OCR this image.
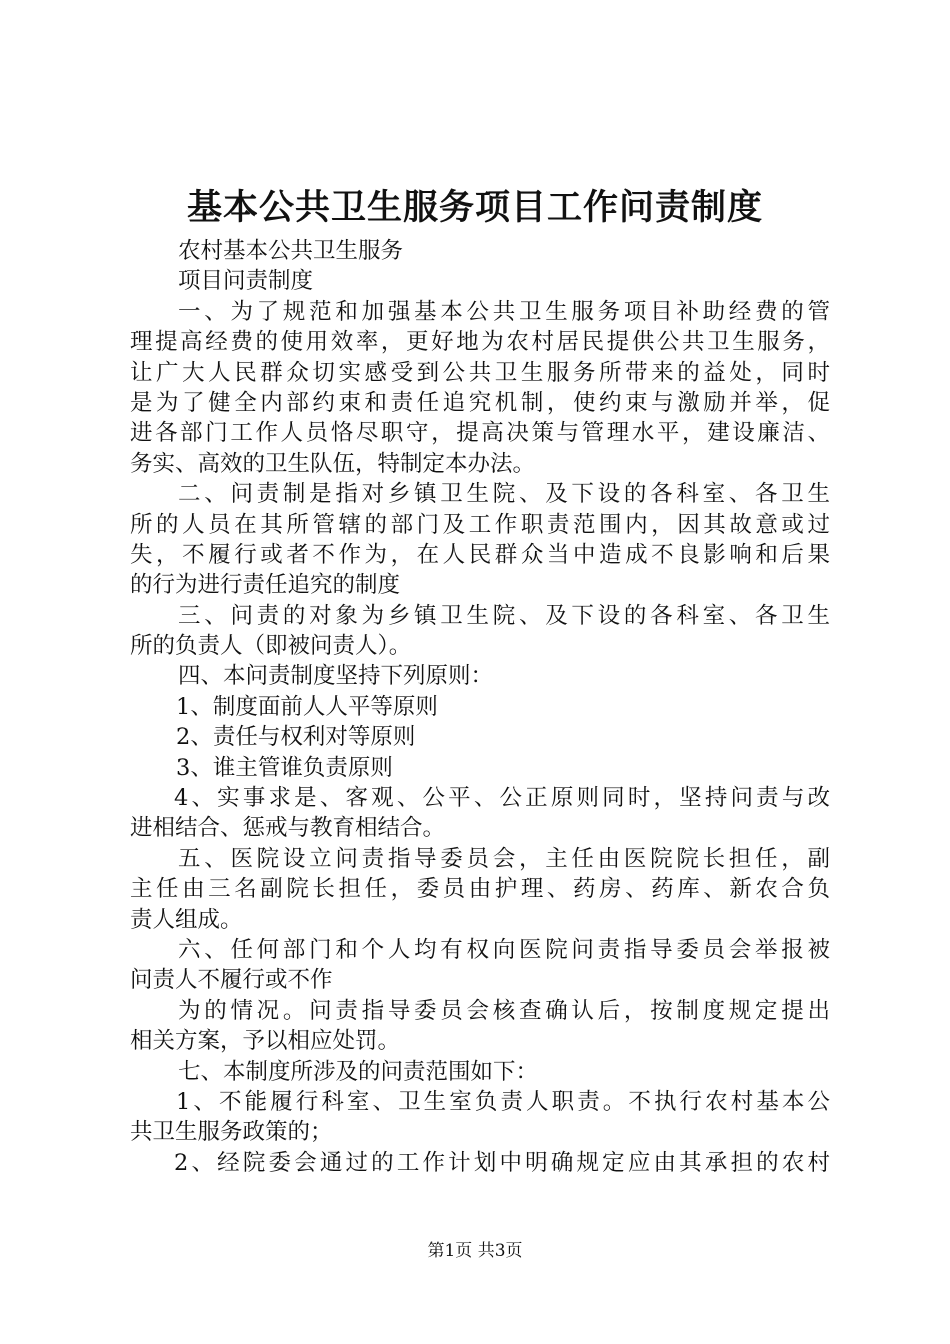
基本公共卫生服务项目工作问责制度
农村基本公共卫生服务
项目问责制度
一、为了规范和加强基本公共卫生服务项目补助经费的管
理提高经费的使用效率，更好地为农村居民提供公共卫生服务，
让广大人民群众切实感受到公共卫生服务所带来的益处，同时
是为了健全内部约束和责任追究机制，使约束与激励并举，促
进各部门工作人员恪尽职守，提高决策与管理水平，建设廉洁、
务实、高效的卫生队伍，特制定本办法。
二、问责制是指对乡镇卫生院、及下设的各科室、各卫生
所的人员在其所管辖的部门及工作职责范围内，因其故意或过
失，不履行或者不作为，在人民群众当中造成不良影响和后果
的行为进行责任追究的制度
三、问责的对象为乡镇卫生院、及下设的各科室、各卫生
所的负责人（即被问责人）。
四、本问责制度坚持下列原则：
1、制度面前人人平等原则
2、责任与权利对等原则
3、谁主管谁负责原则
4、实事求是、客观、公平、公正原则同时，坚持问责与改
进相结合、惩戒与教育相结合。
五、医院设立问责指导委员会，主任由医院院长担任，副
主任由三名副院长担任，委员由护理、药房、药库、新农合负
责人组成。
六、任何部门和个人均有权向医院问责指导委员会举报被
问责人不履行或不作
为的情况。问责指导委员会核查确认后，按制度规定提出
相关方案，予以相应处罚。
七、本制度所涉及的问责范围如下：
1、不能履行科室、卫生室负责人职责。不执行农村基本公
共卫生服务政策的；
2、经院委会通过的工作计划中明确规定应由其承担的农村
第1页 共3页
